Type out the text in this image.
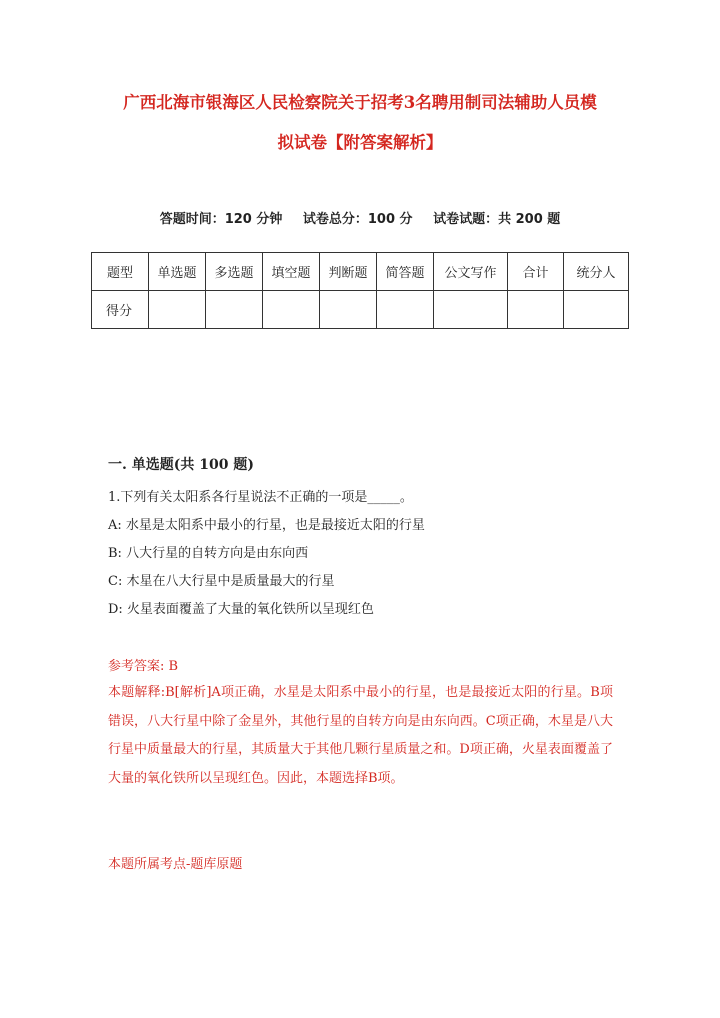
广西北海市银海区人民检察院关于招考3名聘用制司法辅助人员模
拟试卷【附答案解析】
答题时间：120 分钟 试卷总分：100 分 试卷试题：共 200 题
题型	单选题	多选题	填空题	判断题	简答题	公文写作	合计	统分人
得分								
一. 单选题(共 100 题)
1.下列有关太阳系各行星说法不正确的一项是_____。
A: 水星是太阳系中最小的行星，也是最接近太阳的行星
B: 八大行星的自转方向是由东向西
C: 木星在八大行星中是质量最大的行星
D: 火星表面覆盖了大量的氧化铁所以呈现红色
参考答案: B
本题解释:B[解析]A项正确，水星是太阳系中最小的行星，也是最接近太阳的行星。B项错误，八大行星中除了金星外，其他行星的自转方向是由东向西。C项正确，木星是八大行星中质量最大的行星，其质量大于其他几颗行星质量之和。D项正确，火星表面覆盖了大量的氧化铁所以呈现红色。因此，本题选择B项。
本题所属考点-题库原题
